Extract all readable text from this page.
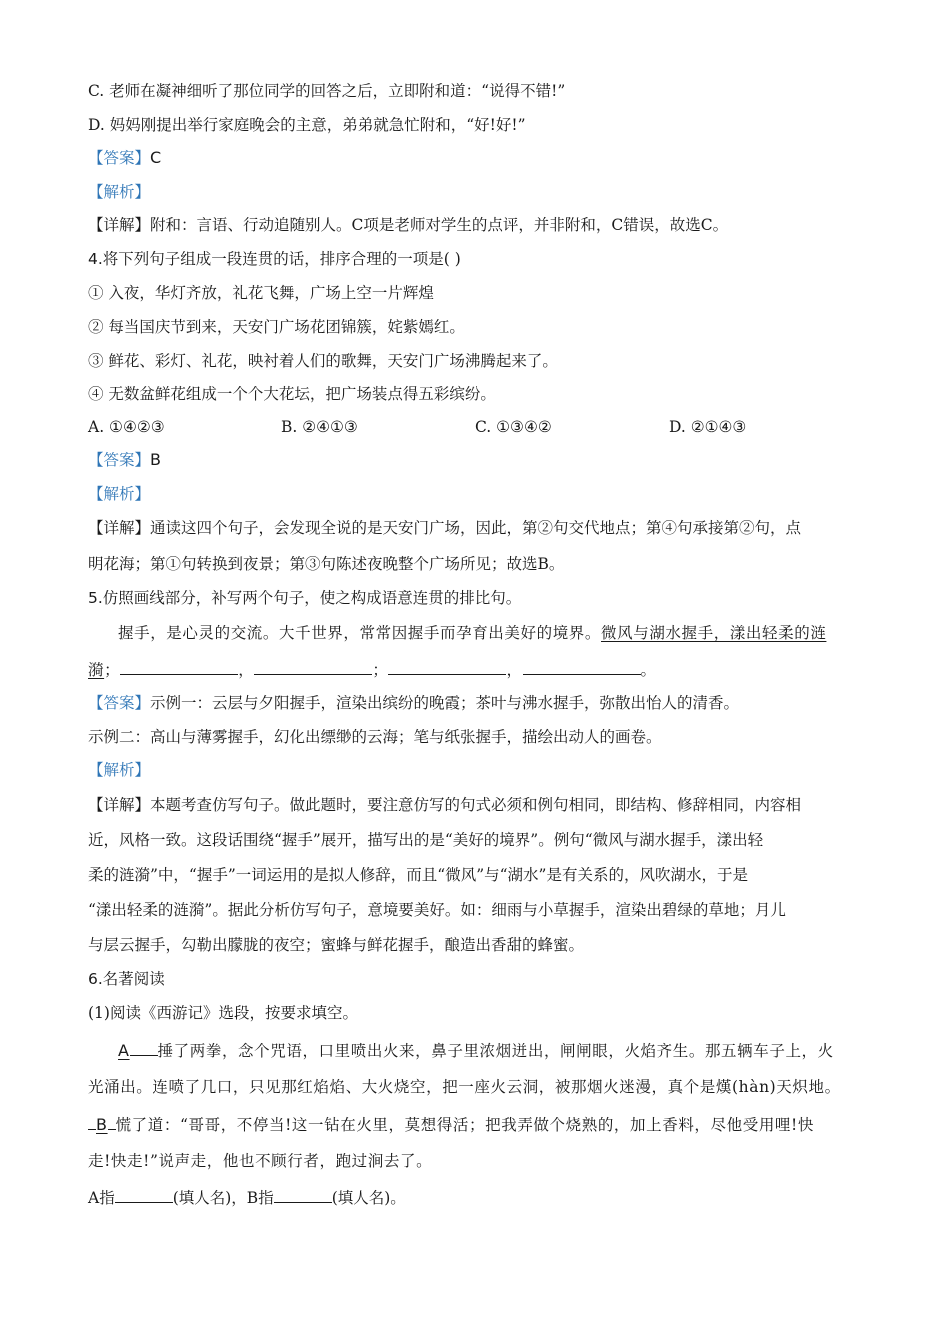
C. 老师在凝神细听了那位同学的回答之后，立即附和道：“说得不错!”
D. 妈妈刚提出举行家庭晚会的主意，弟弟就急忙附和，“好!好!”
【答案】C
【解析】
【详解】附和：言语、行动追随别人。C项是老师对学生的点评，并非附和，C错误，故选C。
4.将下列句子组成一段连贯的话，排序合理的一项是( )
① 入夜，华灯齐放，礼花飞舞，广场上空一片辉煌
② 每当国庆节到来，天安门广场花团锦簇，姹紫嫣红。
③ 鲜花、彩灯、礼花，映衬着人们的歌舞，天安门广场沸腾起来了。
④ 无数盆鲜花组成一个个大花坛，把广场装点得五彩缤纷。
A. ①④②③	B. ②④①③	C. ①③④②	D. ②①④③
【答案】B
【解析】
【详解】通读这四个句子，会发现全说的是天安门广场，因此，第②句交代地点；第④句承接第②句，点
明花海；第①句转换到夜景；第③句陈述夜晚整个广场所见；故选B。
5.仿照画线部分，补写两个句子，使之构成语意连贯的排比句。
握手，是心灵的交流。大千世界，常常因握手而孕育出美好的境界。微风与湖水握手，漾出轻柔的涟
漪；	，	；	，	。
【答案】示例一：云层与夕阳握手，渲染出缤纷的晚霞；茶叶与沸水握手，弥散出怡人的清香。
示例二：高山与薄雾握手，幻化出缥缈的云海；笔与纸张握手，描绘出动人的画卷。
【解析】
【详解】本题考查仿写句子。做此题时，要注意仿写的句式必须和例句相同，即结构、修辞相同，内容相
近，风格一致。这段话围绕“握手”展开，描写出的是“美好的境界”。例句“微风与湖水握手，漾出轻
柔的涟漪”中，“握手”一词运用的是拟人修辞，而且“微风”与“湖水”是有关系的，风吹湖水，于是
“漾出轻柔的涟漪”。据此分析仿写句子，意境要美好。如：细雨与小草握手，渲染出碧绿的草地；月儿
与层云握手，勾勒出朦胧的夜空；蜜蜂与鲜花握手，酿造出香甜的蜂蜜。
6.名著阅读
(1)阅读《西游记》选段，按要求填空。
A 捶了两拳，念个咒语，口里喷出火来，鼻子里浓烟迸出，闸闸眼，火焰齐生。那五辆车子上，火
光涌出。连喷了几口，只见那红焰焰、大火烧空，把一座火云洞，被那烟火迷漫，真个是熯(hàn)天炽地。
B 慌了道：“哥哥，不停当!这一钻在火里，莫想得活；把我弄做个烧熟的，加上香料，尽他受用哩!快
走!快走!”说声走，他也不顾行者，跑过涧去了。
A指	(填人名)，B指	(填人名)。
